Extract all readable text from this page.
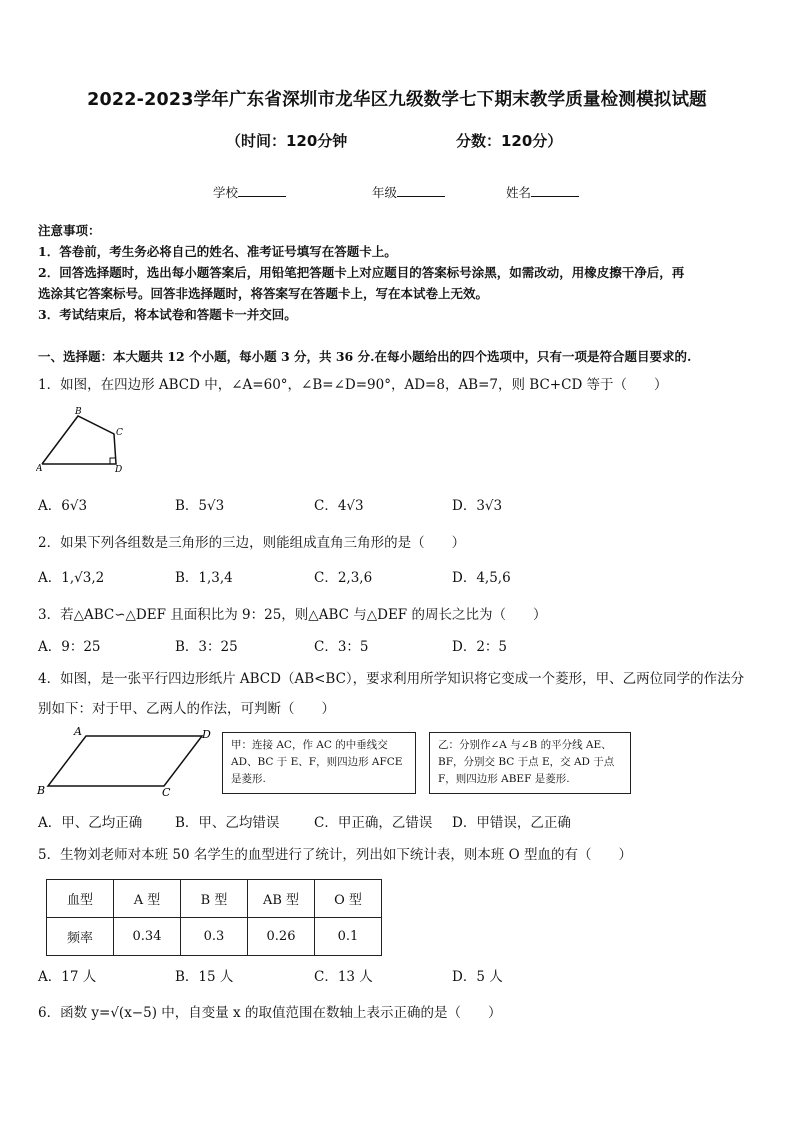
2022-2023学年广东省深圳市龙华区九级数学七下期末教学质量检测模拟试题
（时间：120分钟	分数：120分）
学校	年级	姓名
注意事项：
1．答卷前，考生务必将自己的姓名、准考证号填写在答题卡上。
2．回答选择题时，选出每小题答案后，用铅笔把答题卡上对应题目的答案标号涂黑，如需改动，用橡皮擦干净后，再
选涂其它答案标号。回答非选择题时，将答案写在答题卡上，写在本试卷上无效。
3．考试结束后，将本试卷和答题卡一并交回。
一、选择题：本大题共 12 个小题，每小题 3 分，共 36 分.在每小题给出的四个选项中，只有一项是符合题目要求的.
1．如图，在四边形 ABCD 中，∠A=60°，∠B=∠D=90°，AD=8，AB=7，则 BC+CD 等于（　　）
B
C
A	D
A．6√3	B．5√3	C．4√3	D．3√3
2．如果下列各组数是三角形的三边，则能组成直角三角形的是（　　）
A．1,√3,2	B．1,3,4	C．2,3,6	D．4,5,6
3．若△ABC∽△DEF 且面积比为 9：25，则△ABC 与△DEF 的周长之比为（　　）
A．9：25	B．3：25	C．3：5	D．2：5
4．如图，是一张平行四边形纸片 ABCD（AB<BC），要求利用所学知识将它变成一个菱形，甲、乙两位同学的作法分
别如下：对于甲、乙两人的作法，可判断（　　）
A	D
B	C
甲：连接 AC，作 AC 的中垂线交 AD、BC 于 E、F，则四边形 AFCE 是菱形.
乙：分别作∠A 与∠B 的平分线 AE、BF，分别交 BC 于点 E，交 AD 于点 F，则四边形 ABEF 是菱形.
A．甲、乙均正确 B．甲、乙均错误	C．甲正确，乙错误 D．甲错误，乙正确
5．生物刘老师对本班 50 名学生的血型进行了统计，列出如下统计表，则本班 O 型血的有（　　）
血型	A 型	B 型	AB 型	O 型
频率	0.34	0.3	0.26	0.1
A．17 人	B．15 人	C．13 人	D．5 人
6．函数 y=√(x−5) 中，自变量 x 的取值范围在数轴上表示正确的是（　　）
